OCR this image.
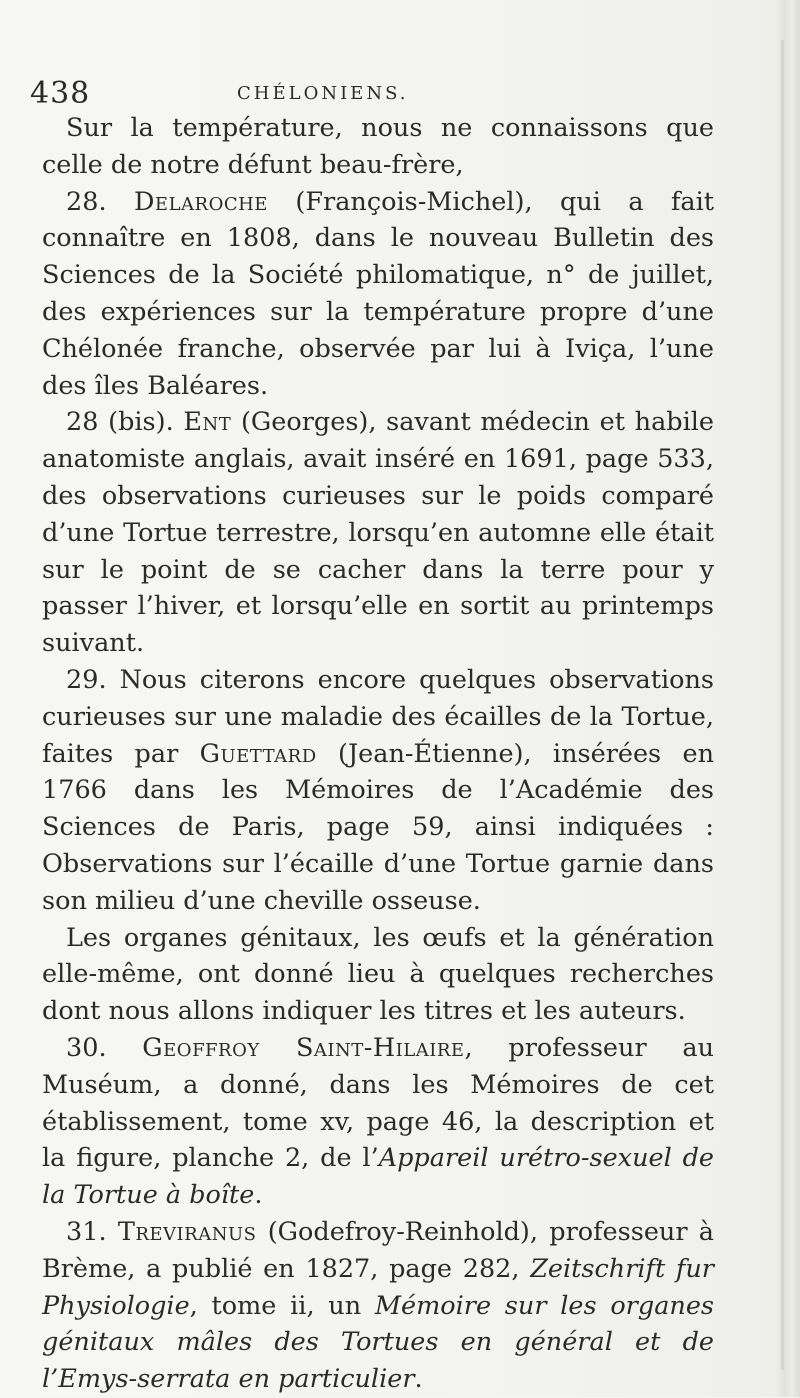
438	CHÉLONIENS.

Sur la température, nous ne connaissons que celle de notre défunt beau-frère,

28. Delaroche (François-Michel), qui a fait connaître en 1808, dans le nouveau Bulletin des Sciences de la Société philomatique, n° de juillet, des expériences sur la température propre d’une Chélonée franche, observée par lui à Iviça, l’une des îles Baléares.

28 (bis). Ent (Georges), savant médecin et habile anatomiste anglais, avait inséré en 1691, page 533, des observations curieuses sur le poids comparé d’une Tortue terrestre, lorsqu’en automne elle était sur le point de se cacher dans la terre pour y passer l’hiver, et lorsqu’elle en sortit au printemps suivant.

29. Nous citerons encore quelques observations curieuses sur une maladie des écailles de la Tortue, faites par Guettard (Jean-Étienne), insérées en 1766 dans les Mémoires de l’Académie des Sciences de Paris, page 59, ainsi indiquées : Observations sur l’écaille d’une Tortue garnie dans son milieu d’une cheville osseuse.

Les organes génitaux, les œufs et la génération elle-même, ont donné lieu à quelques recherches dont nous allons indiquer les titres et les auteurs.

30. Geoffroy Saint-Hilaire, professeur au Muséum, a donné, dans les Mémoires de cet établissement, tome xv, page 46, la description et la figure, planche 2, de l’Appareil urétro-sexuel de la Tortue à boîte.

31. Treviranus (Godefroy-Reinhold), professeur à Brème, a publié en 1827, page 282, Zeitschrift fur Physiologie, tome ii, un Mémoire sur les organes génitaux mâles des Tortues en général et de l’Emys-serrata en particulier.
